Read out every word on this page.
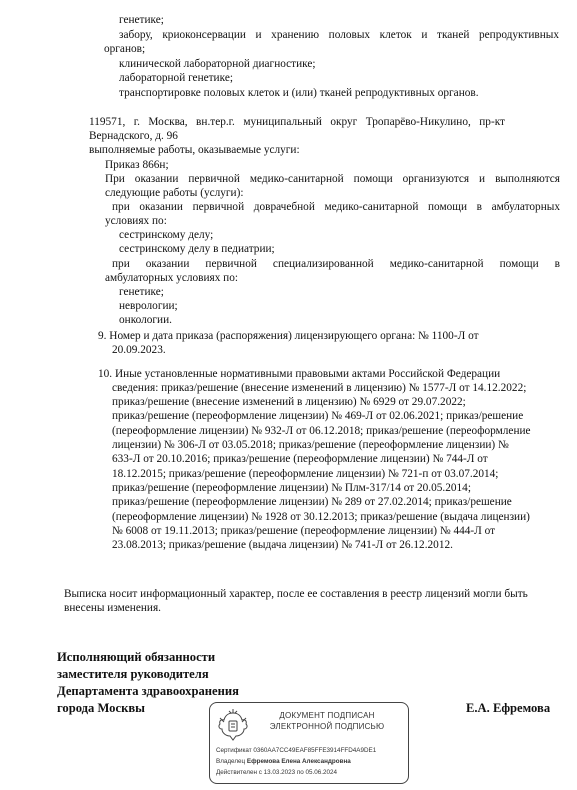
генетике;
забору, криоконсервации и хранению половых клеток и тканей репродуктивных
органов;
клинической лабораторной диагностике;
лабораторной генетике;
транспортировке половых клеток и (или) тканей репродуктивных органов.
119571, г. Москва, вн.тер.г. муниципальный округ Тропарёво-Никулино, пр-кт
Вернадского, д. 96
выполняемые работы, оказываемые услуги:
Приказ 866н;
При оказании первичной медико-санитарной помощи организуются и выполняются
следующие работы (услуги):
при оказании первичной доврачебной медико-санитарной помощи в амбулаторных
условиях по:
сестринскому делу;
сестринскому делу в педиатрии;
при оказании первичной специализированной медико-санитарной помощи в
амбулаторных условиях по:
генетике;
неврологии;
онкологии.
9. Номер и дата приказа (распоряжения) лицензирующего органа: № 1100-Л от
20.09.2023.
10. Иные установленные нормативными правовыми актами Российской Федерации
сведения: приказ/решение (внесение изменений в лицензию) № 1577-Л от 14.12.2022;
приказ/решение (внесение изменений в лицензию) № 6929 от 29.07.2022;
приказ/решение (переоформление лицензии) № 469-Л от 02.06.2021; приказ/решение
(переоформление лицензии) № 932-Л от 06.12.2018; приказ/решение (переоформление
лицензии) № 306-Л от 03.05.2018; приказ/решение (переоформление лицензии) №
633-Л от 20.10.2016; приказ/решение (переоформление лицензии) № 744-Л от
18.12.2015; приказ/решение (переоформление лицензии) № 721-п от 03.07.2014;
приказ/решение (переоформление лицензии) № Плм-317/14 от 20.05.2014;
приказ/решение (переоформление лицензии) № 289 от 27.02.2014; приказ/решение
(переоформление лицензии) № 1928 от 30.12.2013; приказ/решение (выдача лицензии)
№ 6008 от 19.11.2013; приказ/решение (переоформление лицензии) № 444-Л от
23.08.2013; приказ/решение (выдача лицензии) № 741-Л от 26.12.2012.
Выписка носит информационный характер, после ее составления в реестр лицензий могли быть
внесены изменения.
Исполняющий обязанности
заместителя руководителя
Департамента здравоохранения
города Москвы	Е.А. Ефремова
ДОКУМЕНТ ПОДПИСАН
ЭЛЕКТРОННОЙ ПОДПИСЬЮ
Сертификат 0360AA7CC49EAF85FFE3914FFD4A9DE1
Владелец Ефремова Елена Александровна
Действителен с 13.03.2023 по 05.06.2024
